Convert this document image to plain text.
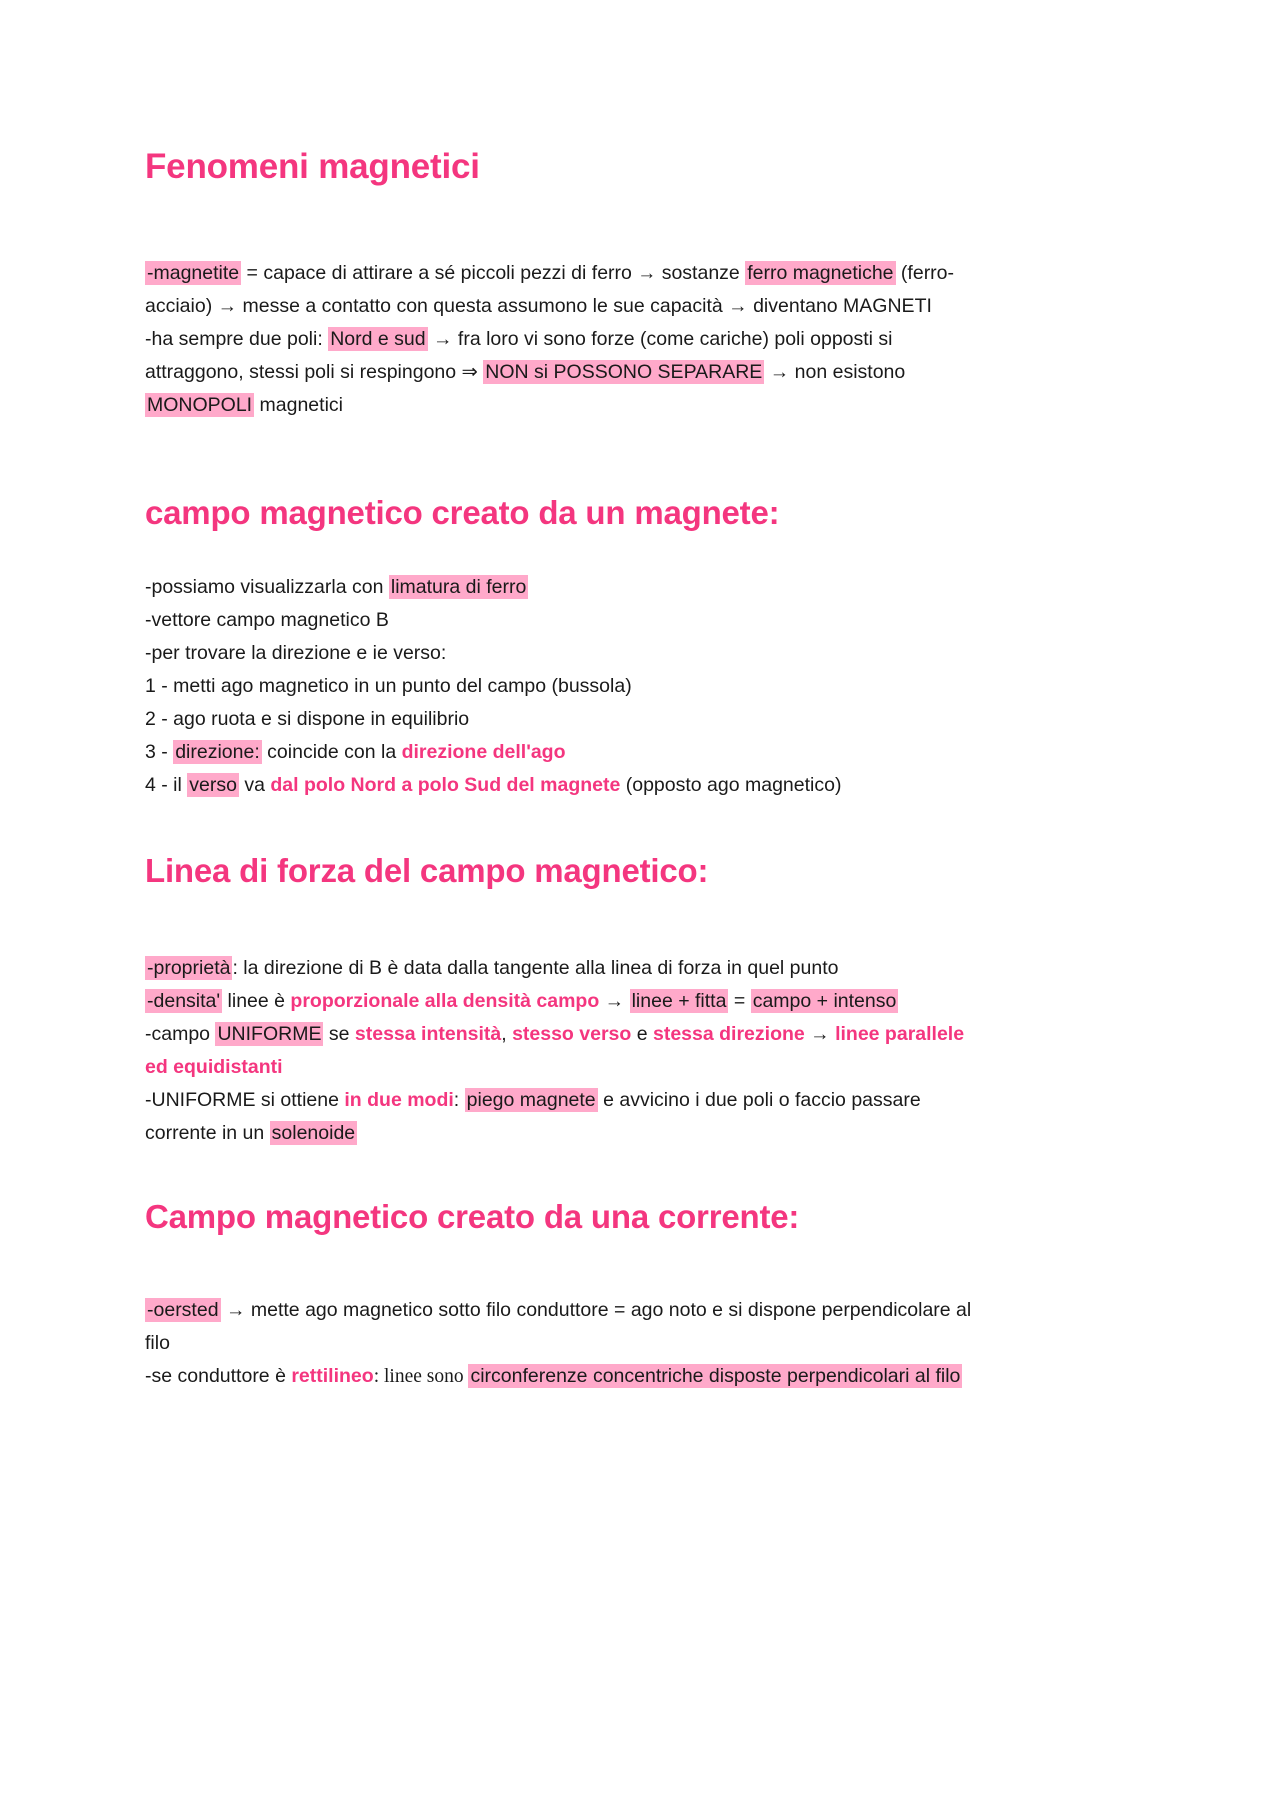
Fenomeni magnetici
-magnetite = capace di attirare a sé piccoli pezzi di ferro → sostanze ferro magnetiche (ferro-
acciaio) → messe a contatto con questa assumono le sue capacità → diventano MAGNETI
-ha sempre due poli: Nord e sud → fra loro vi sono forze (come cariche) poli opposti si
attraggono, stessi poli si respingono ⇒ NON si POSSONO SEPARARE → non esistono
MONOPOLI magnetici
campo magnetico creato da un magnete:
-possiamo visualizzarla con limatura di ferro
-vettore campo magnetico B
-per trovare la direzione e ie verso:
1 - metti ago magnetico in un punto del campo (bussola)
2 - ago ruota e si dispone in equilibrio
3 - direzione: coincide con la direzione dell'ago
4 - il verso va dal polo Nord a polo Sud del magnete (opposto ago magnetico)
Linea di forza del campo magnetico:
-proprietà : la direzione di B è data dalla tangente alla linea di forza in quel punto
-densita' linee è proporzionale alla densità campo → linee + fitta = campo + intenso
-campo UNIFORME se stessa intensità, stesso verso e stessa direzione → linee parallele ed equidistanti
-UNIFORME si ottiene in due modi: piego magnete e avvicino i due poli o faccio passare corrente in un solenoide
Campo magnetico creato da una corrente:
-oersted → mette ago magnetico sotto filo conduttore = ago noto e si dispone perpendicolare al filo
-se conduttore è rettilineo: linee sono circonferenze concentriche disposte perpendicolari al filo
